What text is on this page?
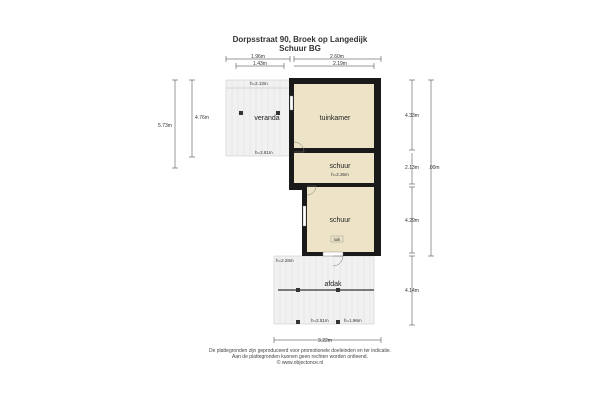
Dorpsstraat 90, Broek op Langedijk
Schuur BG
veranda	tuinkamer
schuur
h=2.36m
schuur
luik
afdak
h=2.13m
h=2.81m
h=2.28m
h=2.51m	h=1.96m
1.96m
1.43m
2.60m
2.19m
5.73m
4.76m	4.33m
2.13m
4.29m
4.14m
.00m
3.22m
De plattegronden zijn geproduceerd voor promotionele doeleinden en ter indicatie.
Aan de plattegronden kunnen geen rechten worden ontleend.
© www.objectonce.nl
